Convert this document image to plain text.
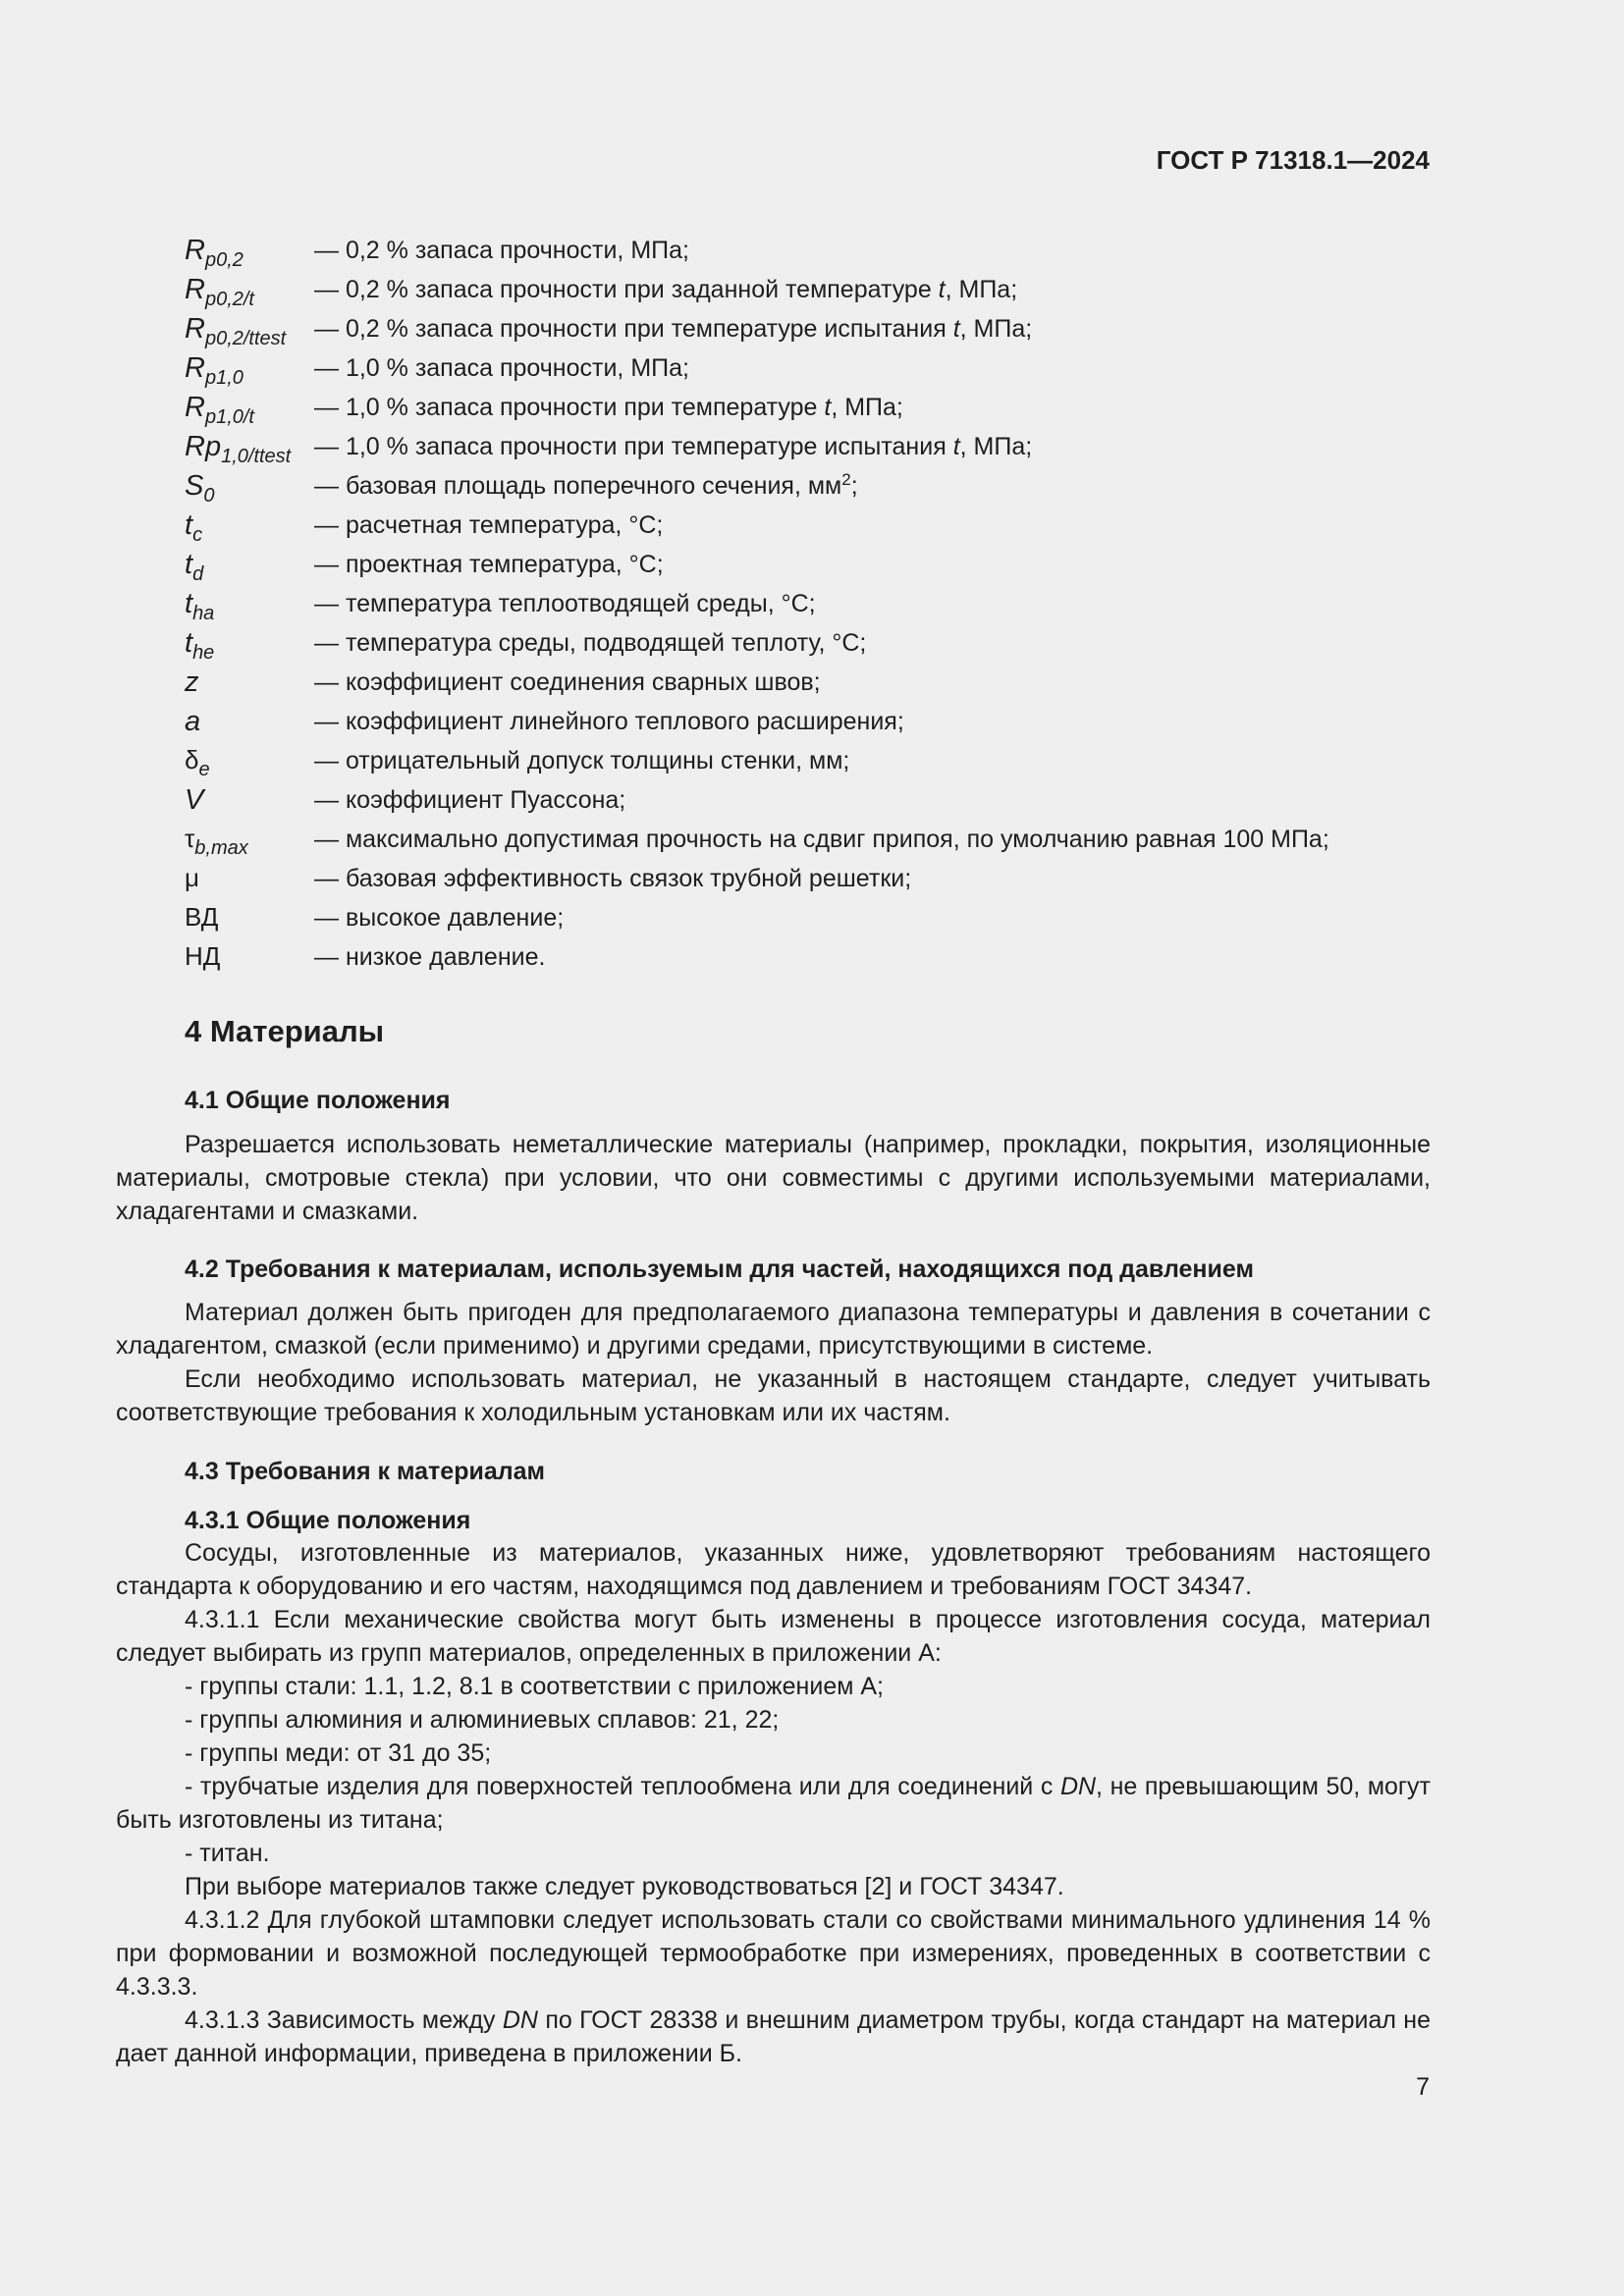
ГОСТ Р 71318.1—2024
$R_{p0,2}$	— 0,2 % запаса прочности, МПа;
$R_{p0,2/t}$ — 0,2 % запаса прочности при заданной температуре t, МПа;
$R_{p0,2/ttest}$ — 0,2 % запаса прочности при температуре испытания t, МПа;
$R_{p1,0}$	— 1,0 % запаса прочности, МПа;
$R_{p1,0/t}$ — 1,0 % запаса прочности при температуре t, МПа;
$Rp_{1,0/ttest}$ — 1,0 % запаса прочности при температуре испытания t, МПа;
$S_0$	— базовая площадь поперечного сечения, $мм^2$;
$t_c$	— расчетная температура, °С;
$t_d$	— проектная температура, °С;
$t_{ha}$	— температура теплоотводящей среды, °С;
$t_{he}$	— температура среды, подводящей теплоту, °С;
z	— коэффициент соединения сварных швов;
a	— коэффициент линейного теплового расширения;
$\delta_e$	— отрицательный допуск толщины стенки, мм;
V	— коэффициент Пуассона;
$\tau_{b,max}$	— максимально допустимая прочность на сдвиг припоя, по умолчанию равная 100 МПа;
μ	— базовая эффективность связок трубной решетки;
ВД	— высокое давление;
НД	— низкое давление.
4 Материалы
4.1 Общие положения
Разрешается использовать неметаллические материалы (например, прокладки, покрытия, изоляционные материалы, смотровые стекла) при условии, что они совместимы с другими используемыми материалами, хладагентами и смазками.
4.2 Требования к материалам, используемым для частей, находящихся под давлением
Материал должен быть пригоден для предполагаемого диапазона температуры и давления в сочетании с хладагентом, смазкой (если применимо) и другими средами, присутствующими в системе.
Если необходимо использовать материал, не указанный в настоящем стандарте, следует учитывать соответствующие требования к холодильным установкам или их частям.
4.3 Требования к материалам
4.3.1 Общие положения
Сосуды, изготовленные из материалов, указанных ниже, удовлетворяют требованиям настоящего стандарта к оборудованию и его частям, находящимся под давлением и требованиям ГОСТ 34347.
4.3.1.1 Если механические свойства могут быть изменены в процессе изготовления сосуда, материал следует выбирать из групп материалов, определенных в приложении А:
- группы стали: 1.1, 1.2, 8.1 в соответствии с приложением А;
- группы алюминия и алюминиевых сплавов: 21, 22;
- группы меди: от 31 до 35;
- трубчатые изделия для поверхностей теплообмена или для соединений с DN, не превышающим 50, могут быть изготовлены из титана;
- титан.
При выборе материалов также следует руководствоваться [2] и ГОСТ 34347.
4.3.1.2 Для глубокой штамповки следует использовать стали со свойствами минимального удлинения 14 % при формовании и возможной последующей термообработке при измерениях, проведенных в соответствии с 4.3.3.3.
4.3.1.3 Зависимость между DN по ГОСТ 28338 и внешним диаметром трубы, когда стандарт на материал не дает данной информации, приведена в приложении Б.
7
